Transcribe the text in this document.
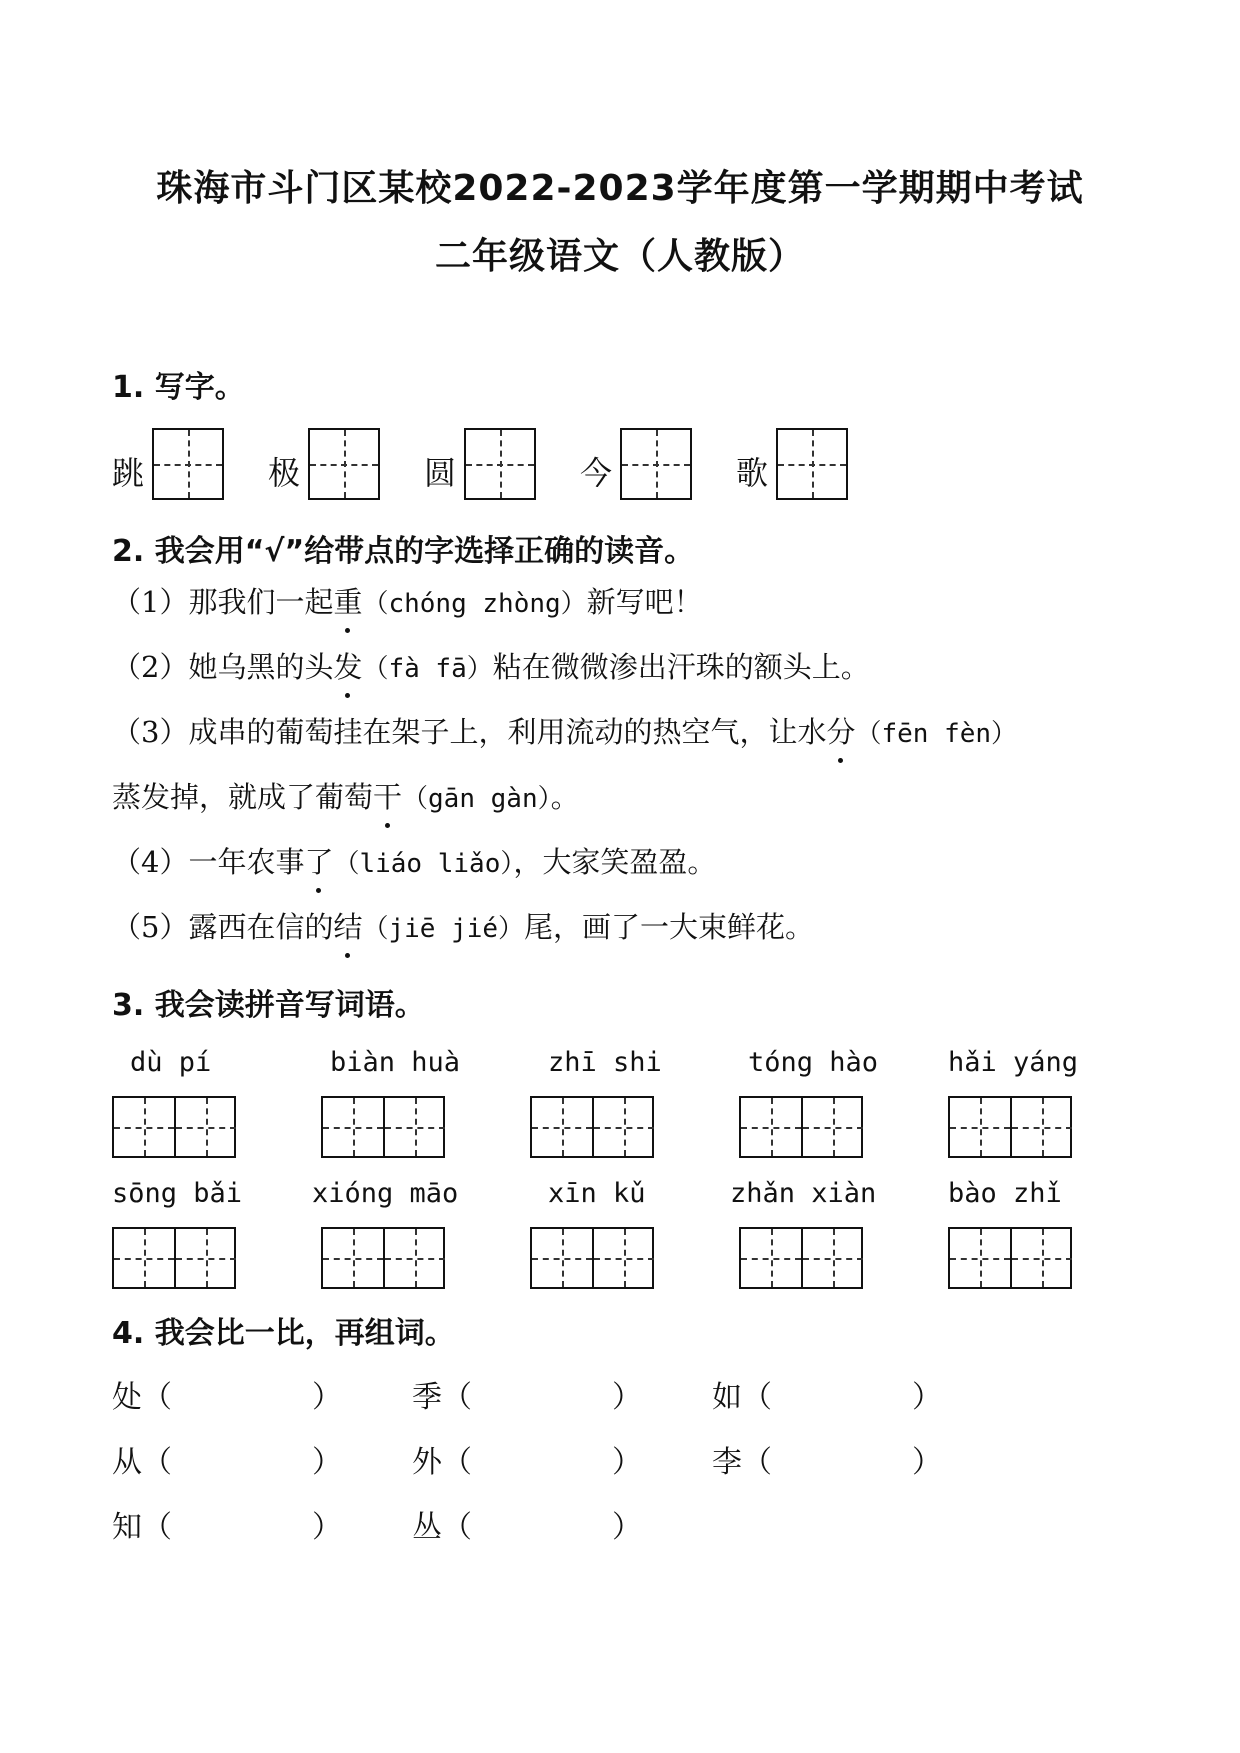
珠海市斗门区某校2022-2023学年度第一学期期中考试
二年级语文（人教版）
1. 写字。
跳	极	圆	今	歌
2. 我会用“√”给带点的字选择正确的读音。
（1）那我们一起重（chóng zhòng）新写吧！
（2）她乌黑的头发（fà fā）粘在微微渗出汗珠的额头上。
（3）成串的葡萄挂在架子上，利用流动的热空气，让水分（fēn fèn）
蒸发掉，就成了葡萄干（gān gàn）。
（4）一年农事了（liáo liǎo），大家笑盈盈。
（5）露西在信的结（jiē jié）尾，画了一大束鲜花。
3. 我会读拼音写词语。
dù pí	biàn huà	zhī shi	tóng hào	hǎi yáng
sōng bǎi	xióng māo	xīn kǔ	zhǎn xiàn	bào zhǐ
4. 我会比一比，再组词。
处（	） 季（	） 如（	）
从（	） 外（	） 李（	）
知（	） 丛（	）
